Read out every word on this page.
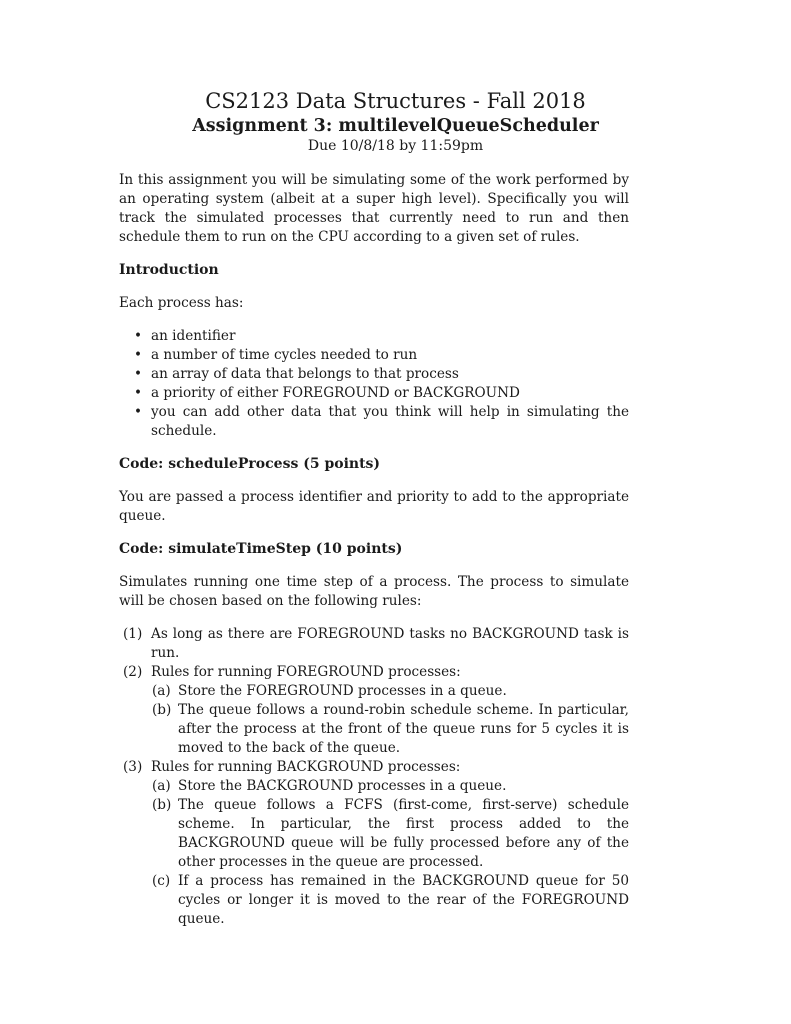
CS2123 Data Structures - Fall 2018
Assignment 3: multilevelQueueScheduler
Due 10/8/18 by 11:59pm

In this assignment you will be simulating some of the work performed by an operating system (albeit at a super high level). Specifically you will track the simulated processes that currently need to run and then schedule them to run on the CPU according to a given set of rules.

Introduction

Each process has:

• an identifier
• a number of time cycles needed to run
• an array of data that belongs to that process
• a priority of either FOREGROUND or BACKGROUND
• you can add other data that you think will help in simulating the schedule.
Code: scheduleProcess (5 points)

You are passed a process identifier and priority to add to the appropriate queue.

Code: simulateTimeStep (10 points)

Simulates running one time step of a process. The process to simulate will be chosen based on the following rules:

(1) As long as there are FOREGROUND tasks no BACKGROUND task is run.
(2) Rules for running FOREGROUND processes:
(a) Store the FOREGROUND processes in a queue.
(b) The queue follows a round-robin schedule scheme. In particular, after the process at the front of the queue runs for 5 cycles it is moved to the back of the queue.
(3) Rules for running BACKGROUND processes:
(a) Store the BACKGROUND processes in a queue.
(b) The queue follows a FCFS (first-come, first-serve) schedule scheme. In particular, the first process added to the BACKGROUND queue will be fully processed before any of the other processes in the queue are processed.
(c) If a process has remained in the BACKGROUND queue for 50 cycles or longer it is moved to the rear of the FOREGROUND queue.
